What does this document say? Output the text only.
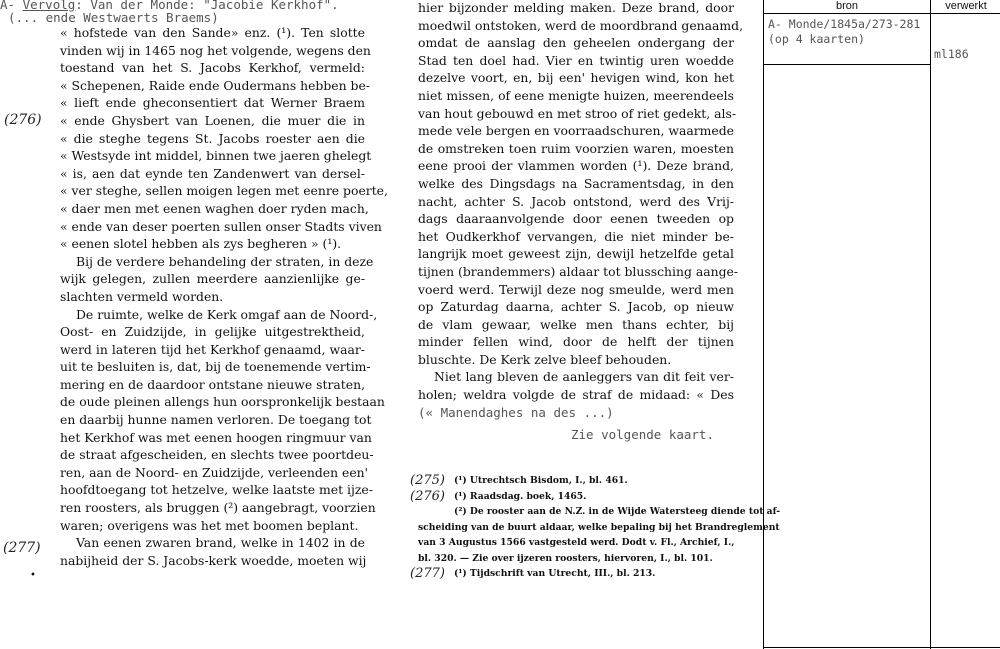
A- Vervolg: Van der Monde: "Jacobie Kerkhof".
(... ende Westwaerts Braems)
(276)
(277)
•
« hofstede van den Sande» enz. (¹). Ten slotte
vinden wij in 1465 nog het volgende, wegens den
toestand van het S. Jacobs Kerkhof, vermeld:
« Schepenen, Raide ende Oudermans hebben be-
« lieft ende gheconsentiert dat Werner Braem
« ende Ghysbert van Loenen, die muer die in
« die steghe tegens St. Jacobs roester aen die
« Westsyde int middel, binnen twe jaeren ghelegt
« is, aen dat eynde ten Zandenwert van dersel-
« ver steghe, sellen moigen legen met eenre poerte,
« daer men met eenen waghen doer ryden mach,
« ende van deser poerten sullen onser Stadts viven
« eenen slotel hebben als zys begheren » (¹).
Bij de verdere behandeling der straten, in deze
wijk gelegen, zullen meerdere aanzienlijke ge-
slachten vermeld worden.
De ruimte, welke de Kerk omgaf aan de Noord-,
Oost- en Zuidzijde, in gelijke uitgestrektheid,
werd in lateren tijd het Kerkhof genaamd, waar-
uit te besluiten is, dat, bij de toenemende vertim-
mering en de daardoor ontstane nieuwe straten,
de oude pleinen allengs hun oorspronkelijk bestaan
en daarbij hunne namen verloren. De toegang tot
het Kerkhof was met eenen hoogen ringmuur van
de straat afgescheiden, en slechts twee poortdeu-
ren, aan de Noord- en Zuidzijde, verleenden een'
hoofdtoegang tot hetzelve, welke laatste met ijze-
ren roosters, als bruggen (²) aangebragt, voorzien
waren; overigens was het met boomen beplant.
Van eenen zwaren brand, welke in 1402 in de
nabijheid der S. Jacobs-kerk woedde, moeten wij
hier bijzonder melding maken. Deze brand, door
moedwil ontstoken, werd de moordbrand genaamd,
omdat de aanslag den geheelen ondergang der
Stad ten doel had. Vier en twintig uren woedde
dezelve voort, en, bij een' hevigen wind, kon het
niet missen, of eene menigte huizen, meerendeels
van hout gebouwd en met stroo of riet gedekt, als-
mede vele bergen en voorraadschuren, waarmede
de omstreken toen ruim voorzien waren, moesten
eene prooi der vlammen worden (¹). Deze brand,
welke des Dingsdags na Sacramentsdag, in den
nacht, achter S. Jacob ontstond, werd des Vrij-
dags daaraanvolgende door eenen tweeden op
het Oudkerkhof vervangen, die niet minder be-
langrijk moet geweest zijn, dewijl hetzelfde getal
tijnen (brandemmers) aldaar tot blussching aange-
voerd werd. Terwijl deze nog smeulde, werd men
op Zaturdag daarna, achter S. Jacob, op nieuw
de vlam gewaar, welke men thans echter, bij
minder fellen wind, door de helft der tijnen
bluschte. De Kerk zelve bleef behouden.
Niet lang bleven de aanleggers van dit feit ver-
holen; weldra volgde de straf de midaad: « Des
(« Manendaghes na des ...)
Zie volgende kaart.
(275) (¹) Utrechtsch Bisdom, I., bl. 461.
(276) (¹) Raadsdag. boek, 1465.
(²) De rooster aan de N.Z. in de Wijde Watersteeg diende tot af-
scheiding van de buurt aldaar, welke bepaling bij het Brandreglement
van 3 Augustus 1566 vastgesteld werd. Dodt v. Fl., Archief, I.,
bl. 320. — Zie over ijzeren roosters, hiervoren, I., bl. 101.
(277) (¹) Tijdschrift van Utrecht, III., bl. 213.
bron	verwerkt
A- Monde/1845a/273-281
(op 4 kaarten)
ml186
